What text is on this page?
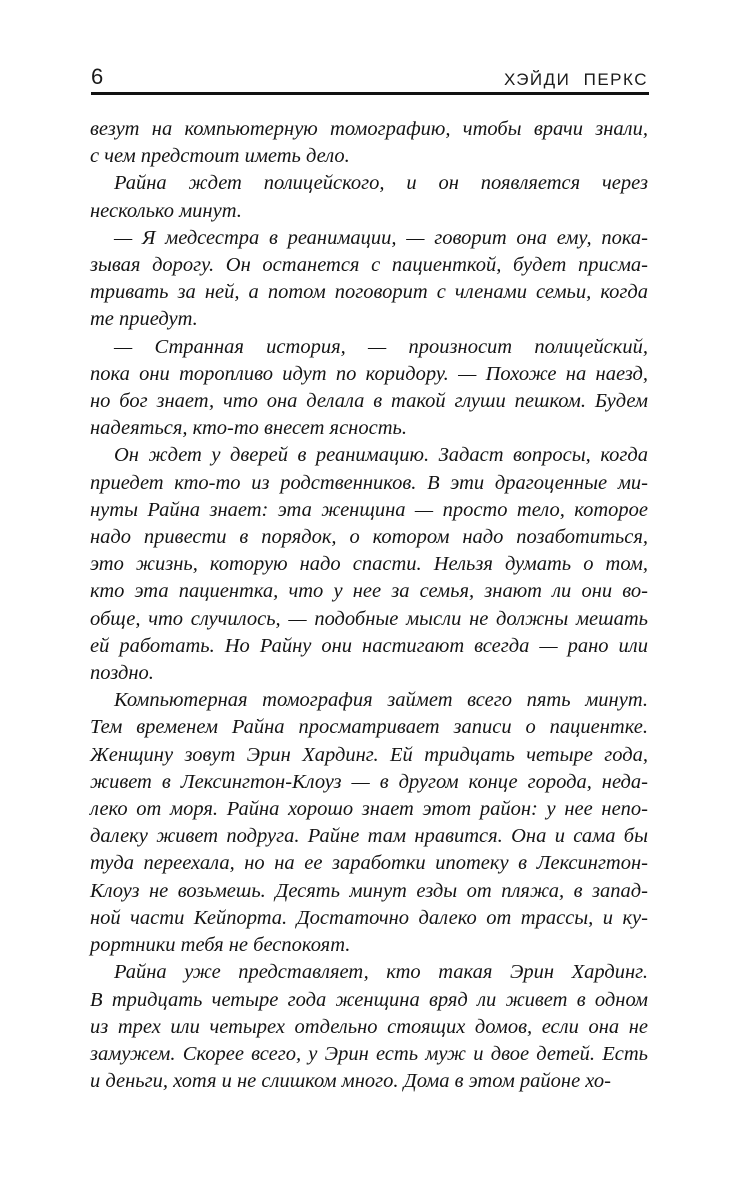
6	ХЭЙДИ ПЕРКС

везут на компьютерную томографию, чтобы врачи знали,
с чем предстоит иметь дело.

Райна ждет полицейского, и он появляется через
несколько минут.

— Я медсестра в реанимации, — говорит она ему, пока-
зывая дорогу. Он останется с пациенткой, будет присма-
тривать за ней, а потом поговорит с членами семьи, когда
те приедут.

— Странная история, — произносит полицейский,
пока они торопливо идут по коридору. — Похоже на наезд,
но бог знает, что она делала в такой глуши пешком. Будем
надеяться, кто-то внесет ясность.

Он ждет у дверей в реанимацию. Задаст вопросы, когда
приедет кто-то из родственников. В эти драгоценные ми-
нуты Райна знает: эта женщина — просто тело, которое
надо привести в порядок, о котором надо позаботиться,
это жизнь, которую надо спасти. Нельзя думать о том,
кто эта пациентка, что у нее за семья, знают ли они во-
обще, что случилось, — подобные мысли не должны мешать
ей работать. Но Райну они настигают всегда — рано или
поздно.

Компьютерная томография займет всего пять минут.
Тем временем Райна просматривает записи о пациентке.
Женщину зовут Эрин Хардинг. Ей тридцать четыре года,
живет в Лексингтон-Клоуз — в другом конце города, неда-
леко от моря. Райна хорошо знает этот район: у нее непо-
далеку живет подруга. Райне там нравится. Она и сама бы
туда переехала, но на ее заработки ипотеку в Лексингтон-
Клоуз не возьмешь. Десять минут езды от пляжа, в запад-
ной части Кейпорта. Достаточно далеко от трассы, и ку-
рортники тебя не беспокоят.

Райна уже представляет, кто такая Эрин Хардинг.
В тридцать четыре года женщина вряд ли живет в одном
из трех или четырех отдельно стоящих домов, если она не
замужем. Скорее всего, у Эрин есть муж и двое детей. Есть
и деньги, хотя и не слишком много. Дома в этом районе хо-
